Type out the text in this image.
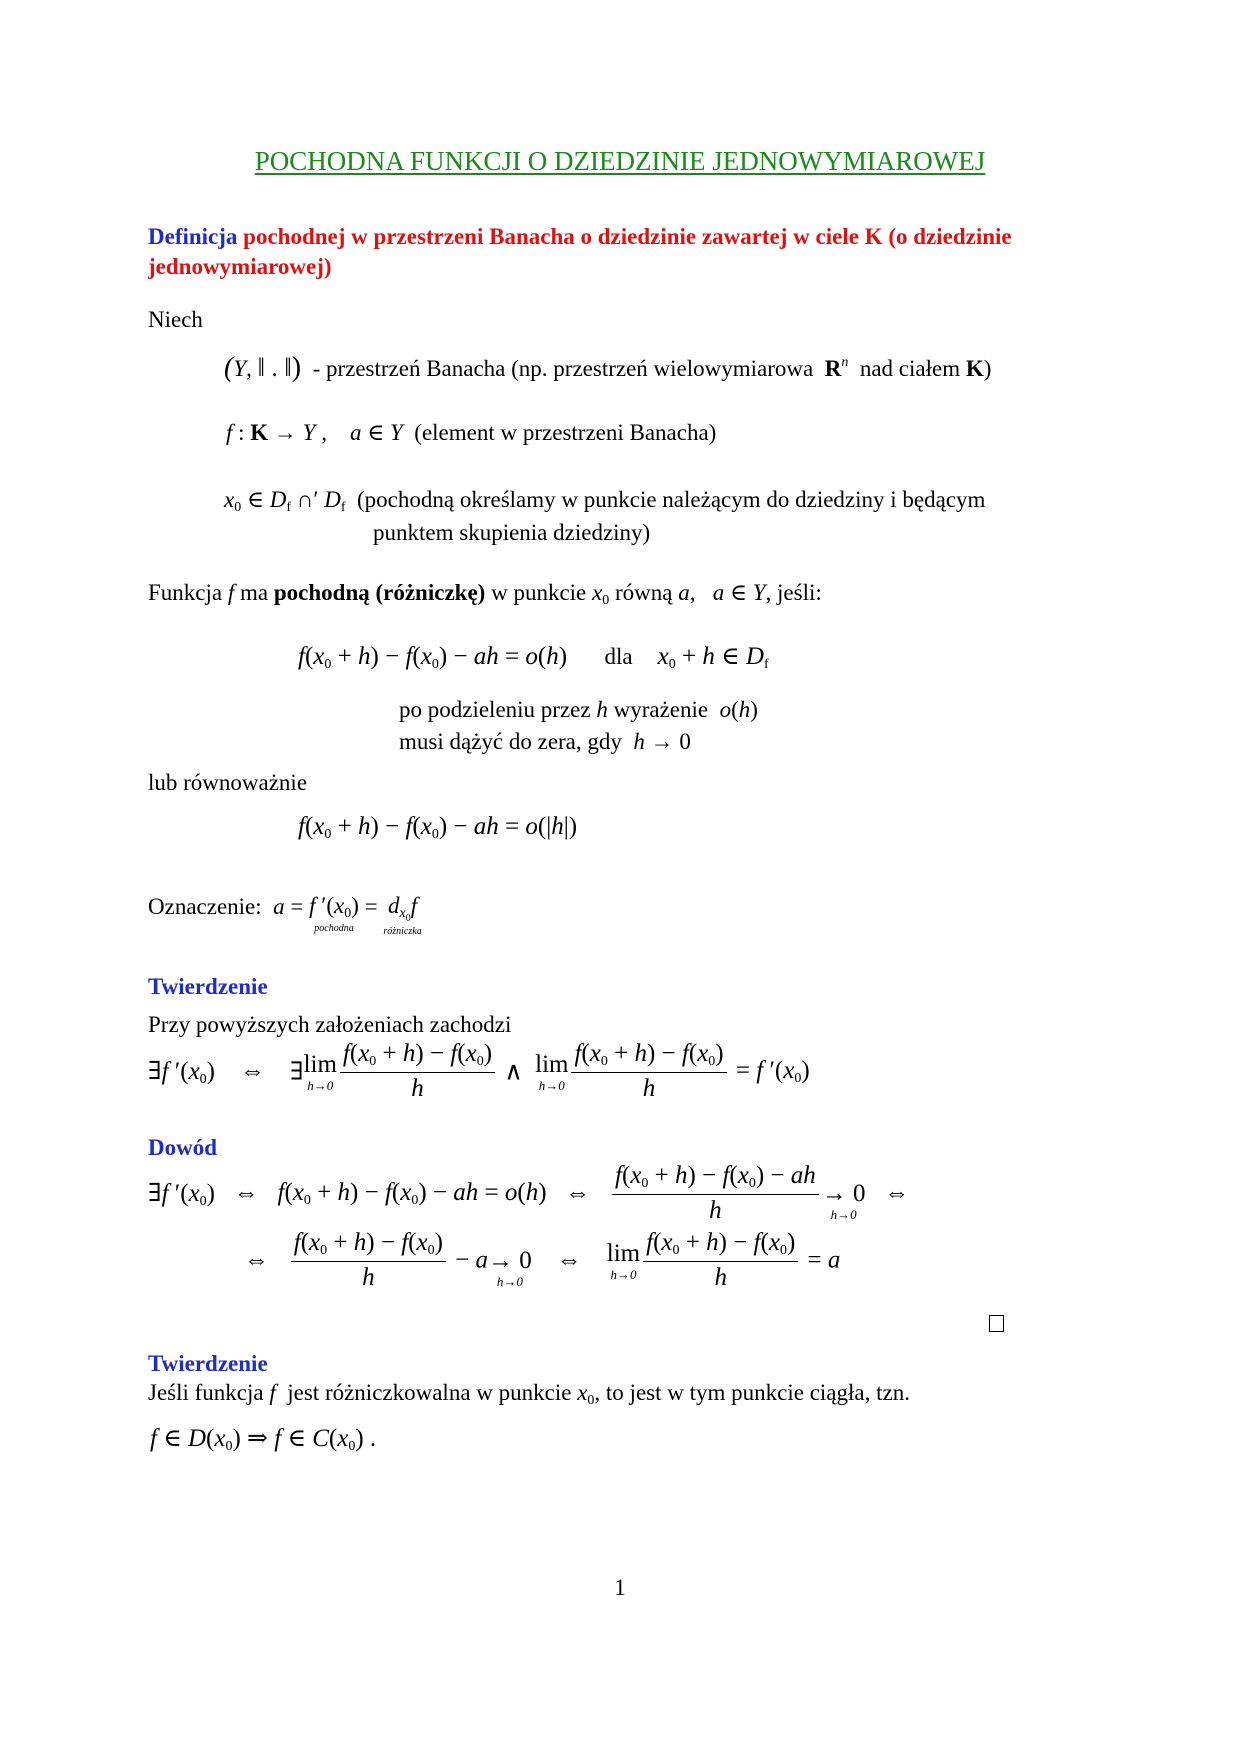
POCHODNA FUNKCJI O DZIEDZINIE JEDNOWYMIAROWEJ
Definicja pochodnej w przestrzeni Banacha o dziedzinie zawartej w ciele K (o dziedzinie jednowymiarowej)
Niech
(Y, ‖ . ‖) - przestrzeń Banacha (np. przestrzeń wielowymiarowa $R^n$ nad ciałem K)
f : K → Y ,    a ∈ Y (element w przestrzeni Banacha)
$x_0$ ∈ $D_f$ ∩′ $D_f$ (pochodną określamy w punkcie należącym do dziedziny i będącym
punktem skupienia dziedziny)
Funkcja f ma pochodną (różniczkę) w punkcie $x_0$ równą a,   a ∈ Y, jeśli:
$f(x_0 + h) - f(x_0)$ − ah = o(h)      dla $x_0 + h$ ∈ $D_f$
po podzieleniu przez h wyrażenie o(h)
musi dążyć do zera, gdy h → 0
lub równoważnie
$f(x_0 + h) - f(x_0)$ − ah = o(|h|)
Oznaczenie: a = f $'(x_0)$
pochodna
= $d_{x_0}f$
różniczka
Twierdzenie
Przy powyższych założeniach zachodzi
∃f $'(x_0)$ ⇔ ∃lim
$h\to 0 \frac{f(x_0 + h) - f(x_0)}{h}$ ∧ lim
$h\to 0 \frac{f(x_0 + h) - f(x_0)}{h} = f$ $'(x_0)$
Dowód
∃f $'(x_0)$ ⇔ $f(x_0 + h) - f(x_0)$ − ah = o(h) ⇔ $\frac{f(x_0 + h) - f(x_0) - ah}{h} \to 0$
h→0
⇔
⇔ $\frac{f(x_0 + h) - f(x_0)}{h} - a\to 0$
h→0
⇔ lim
$h\to 0 \frac{f(x_0 + h) - f(x_0)}{h} = a$
Twierdzenie
Jeśli funkcja f jest różniczkowalna w punkcie $x_0$, to jest w tym punkcie ciągła, tzn.
f ∈ $D(x_0)$ ⇒ f ∈ $C(x_0)$ .
1
